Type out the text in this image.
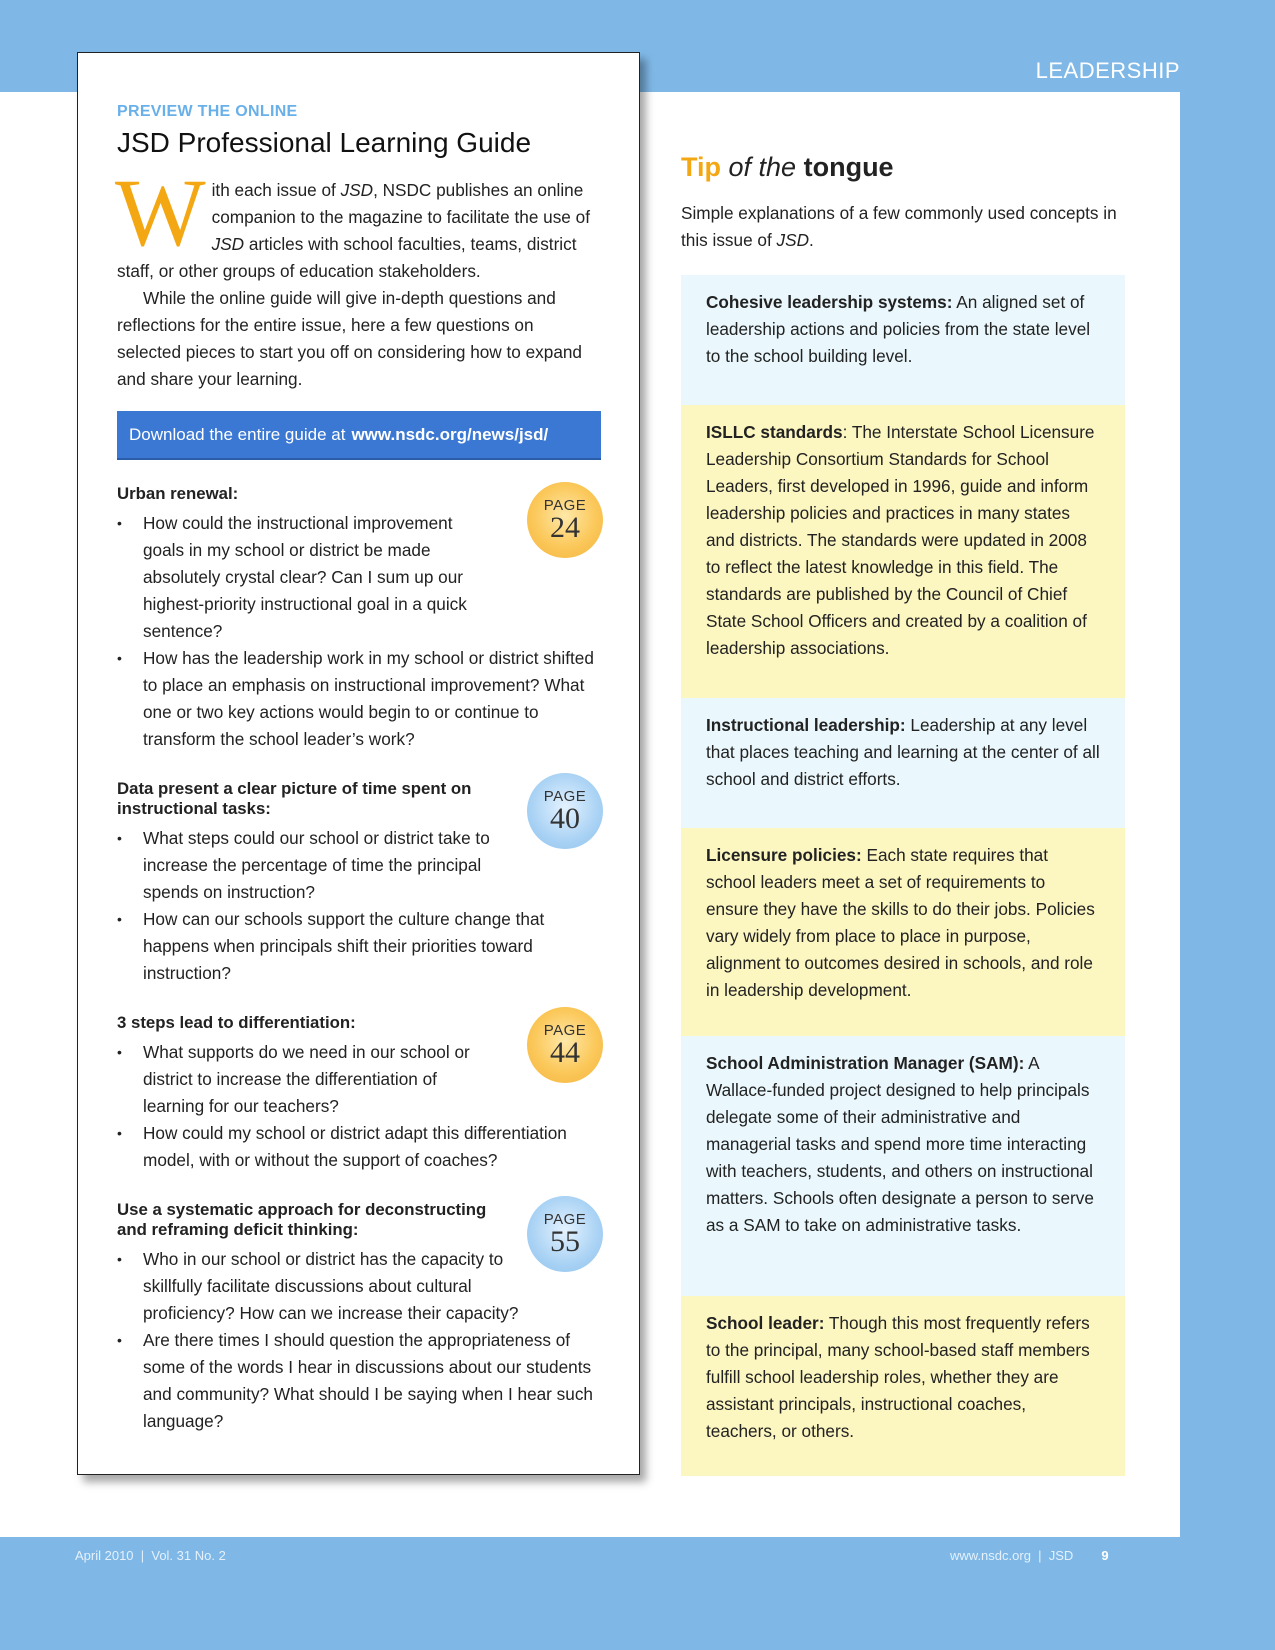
LEADERSHIP
PREVIEW THE ONLINE
JSD Professional Learning Guide

With each issue of JSD, NSDC publishes an online companion to the magazine to facilitate the use of JSD articles with school faculties, teams, district staff, or other groups of education stakeholders.

While the online guide will give in-depth questions and reflections for the entire issue, here a few questions on selected pieces to start you off on considering how to expand and share your learning.

Download the entire guide at www.nsdc.org/news/jsd/
PAGE
24
Urban renewal:
• How could the instructional improvement goals in my school or district be made absolutely crystal clear? Can I sum up our highest-priority instructional goal in a quick sentence?
• How has the leadership work in my school or district shifted to place an emphasis on instructional improvement? What one or two key actions would begin to or continue to transform the school leader’s work?
PAGE
40
Data present a clear picture of time spent on instructional tasks:
• What steps could our school or district take to increase the percentage of time the principal spends on instruction?
• How can our schools support the culture change that happens when principals shift their priorities toward instruction?
PAGE
44
3 steps lead to differentiation:
• What supports do we need in our school or district to increase the differentiation of learning for our teachers?
• How could my school or district adapt this differentiation model, with or without the support of coaches?
PAGE
55
Use a systematic approach for deconstructing and reframing deficit thinking:
• Who in our school or district has the capacity to skillfully facilitate discussions about cultural proficiency? How can we increase their capacity?
• Are there times I should question the appropriateness of some of the words I hear in discussions about our students and community? What should I be saying when I hear such language?
Tip of the tongue
Simple explanations of a few commonly used concepts in this issue of JSD.
Cohesive leadership systems: An aligned set of leadership actions and policies from the state level to the school building level.
ISLLC standards: The Interstate School Licensure Leadership Consortium Standards for School Leaders, first developed in 1996, guide and inform leadership policies and practices in many states and districts. The standards were updated in 2008 to reflect the latest knowledge in this field. The standards are published by the Council of Chief State School Officers and created by a coalition of leadership associations.
Instructional leadership: Leadership at any level that places teaching and learning at the center of all school and district efforts.
Licensure policies: Each state requires that school leaders meet a set of requirements to ensure they have the skills to do their jobs. Policies vary widely from place to place in purpose, alignment to outcomes desired in schools, and role in leadership development.
School Administration Manager (SAM): A Wallace-funded project designed to help principals delegate some of their administrative and managerial tasks and spend more time interacting with teachers, students, and others on instructional matters. Schools often designate a person to serve as a SAM to take on administrative tasks.
School leader: Though this most frequently refers to the principal, many school-based staff members fulfill school leadership roles, whether they are assistant principals, instructional coaches, teachers, or others.
April 2010  |  Vol. 31 No. 2	www.nsdc.org  |  JSD 9
